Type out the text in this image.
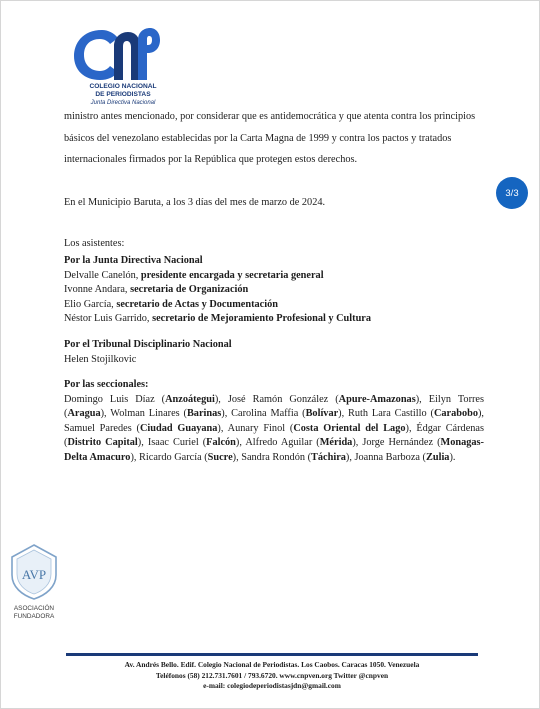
COLEGIO NACIONAL
DE PERIODISTAS
Junta Directiva Nacional
3/3

ministro antes mencionado, por considerar que es antidemocrática y que atenta contra los principios básicos del venezolano establecidas por la Carta Magna de 1999 y contra los pactos y tratados internacionales firmados por la República que protegen estos derechos.

En el Municipio Baruta, a los 3 días del mes de marzo de 2024.

Los asistentes:
Por la Junta Directiva Nacional
Delvalle Canelón, presidente encargada y secretaria general
Ivonne Andara, secretaria de Organización
Elio García, secretario de Actas y Documentación
Néstor Luis Garrido, secretario de Mejoramiento Profesional y Cultura
Por el Tribunal Disciplinario Nacional
Helen Stojilkovic
Por las seccionales:
Domingo Luis Díaz (Anzoátegui), José Ramón González (Apure-Amazonas), Eilyn Torres (Aragua), Wolman Linares (Barinas), Carolina Maffia (Bolívar), Ruth Lara Castillo (Carabobo), Samuel Paredes (Ciudad Guayana), Aunary Finol (Costa Oriental del Lago), Édgar Cárdenas (Distrito Capital), Isaac Curiel (Falcón), Alfredo Aguilar (Mérida), Jorge Hernández (Monagas-Delta Amacuro), Ricardo García (Sucre), Sandra Rondón (Táchira), Joanna Barboza (Zulia).
AVP
ASOCIACIÓN
FUNDADORA
Av. Andrés Bello. Edif. Colegio Nacional de Periodistas. Los Caobos. Caracas 1050. Venezuela
Teléfonos (58) 212.731.7601 / 793.6720. www.cnpven.org Twitter @cnpven
e-mail: colegiodeperiodistasjdn@gmail.com
